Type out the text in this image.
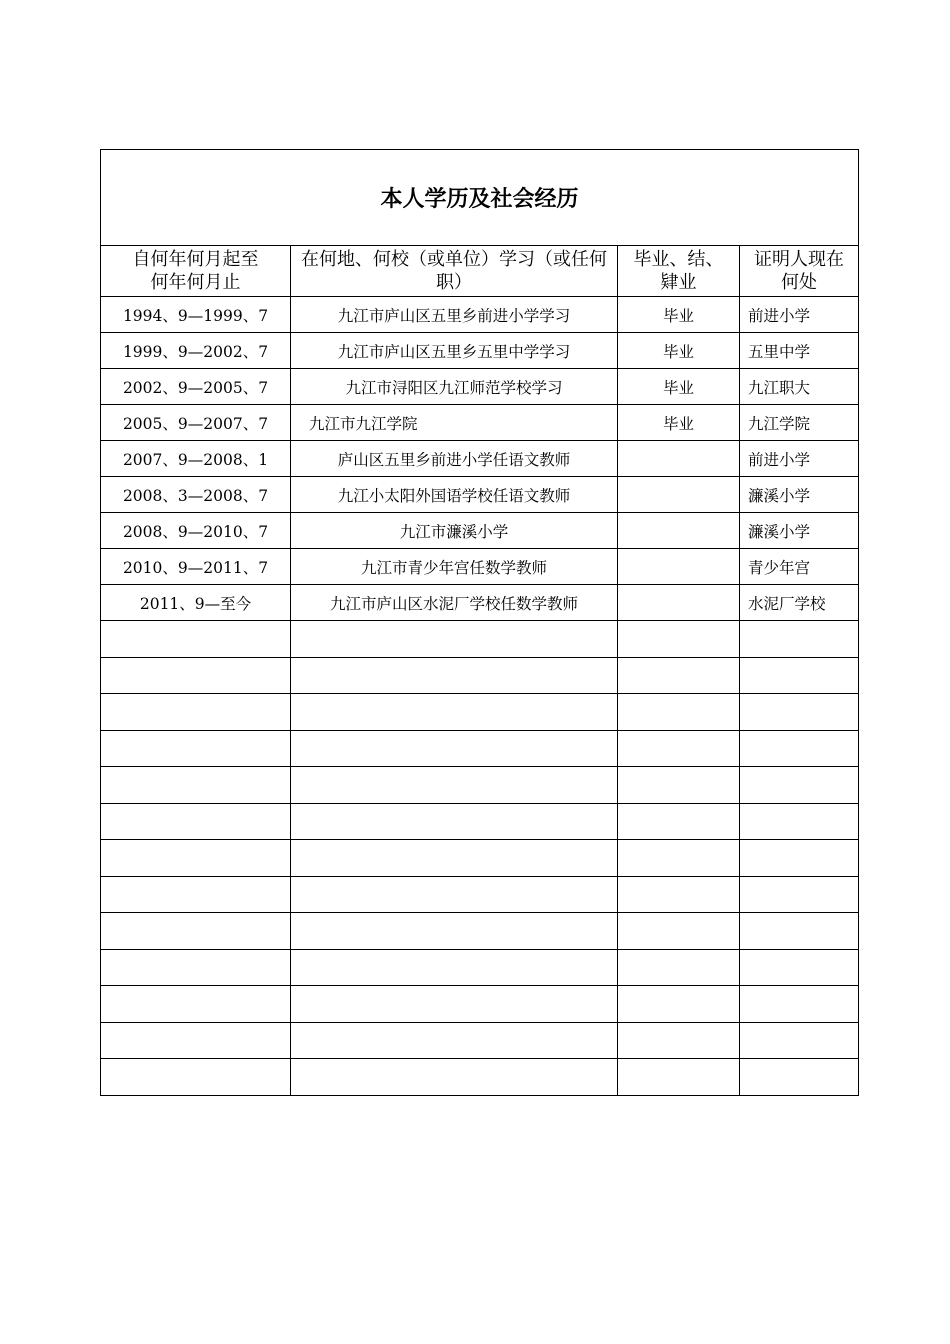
本人学历及社会经历			
自何年何月起至何年何月止	在何地、何校（或单位）学习（或任何职）	毕业、结、肄业	证明人现在何处
1994、9—1999、7	九江市庐山区五里乡前进小学学习	毕业	前进小学
1999、9—2002、7	九江市庐山区五里乡五里中学学习	毕业	五里中学
2002、9—2005、7	九江市浔阳区九江师范学校学习	毕业	九江职大
2005、9—2007、7	九江市九江学院	毕业	九江学院
2007、9—2008、1	庐山区五里乡前进小学任语文教师		前进小学
2008、3—2008、7	九江小太阳外国语学校任语文教师		濂溪小学
2008、9—2010、7	九江市濂溪小学		濂溪小学
2010、9—2011、7	九江市青少年宫任数学教师		青少年宫
2011、9—至今	九江市庐山区水泥厂学校任数学教师		水泥厂学校
